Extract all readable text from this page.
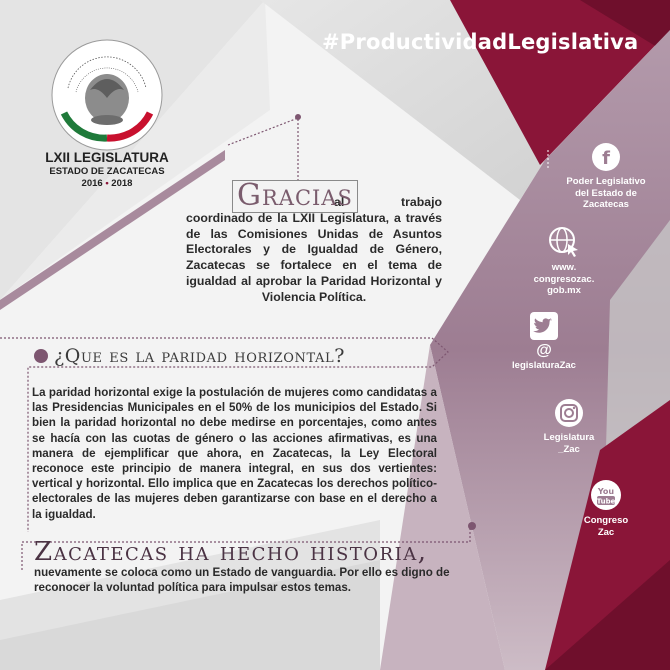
#ProductividadLegislativa
LXII LEGISLATURA
ESTADO DE ZACATECAS
2016 • 2018
al trabajo coordinado de la LXII Legislatura, a través de las Comisiones Unidas de Asuntos Electorales y de Igualdad de Género, Zacatecas se fortalece en el tema de igualdad al aprobar la Paridad Horizontal y Violencia Política.
Gracias
¿Que es la paridad horizontal?
La paridad horizontal exige la postulación de mujeres como candidatas a las Presidencias Municipales en el 50% de los municipios del Estado. Si bien la paridad horizontal no debe medirse en porcentajes, como antes se hacía con las cuotas de género o las acciones afirmativas, es una manera de ejemplificar que ahora, en Zacatecas, la Ley Electoral reconoce este principio de manera integral, en sus dos vertientes: vertical y horizontal. Ello implica que en Zacatecas los derechos político-electorales de las mujeres deben garantizarse con base en el derecho a la igualdad.
Zacatecas ha hecho historia,
nuevamente se coloca como un Estado de vanguardia. Por ello es digno de reconocer la voluntad política para impulsar estos temas.
f
Poder Legislativo
del Estado de
Zacatecas
www.
congresozac.
gob.mx
@
legislaturaZac
Legislatura
_Zac
You
Tube
Congreso
Zac
